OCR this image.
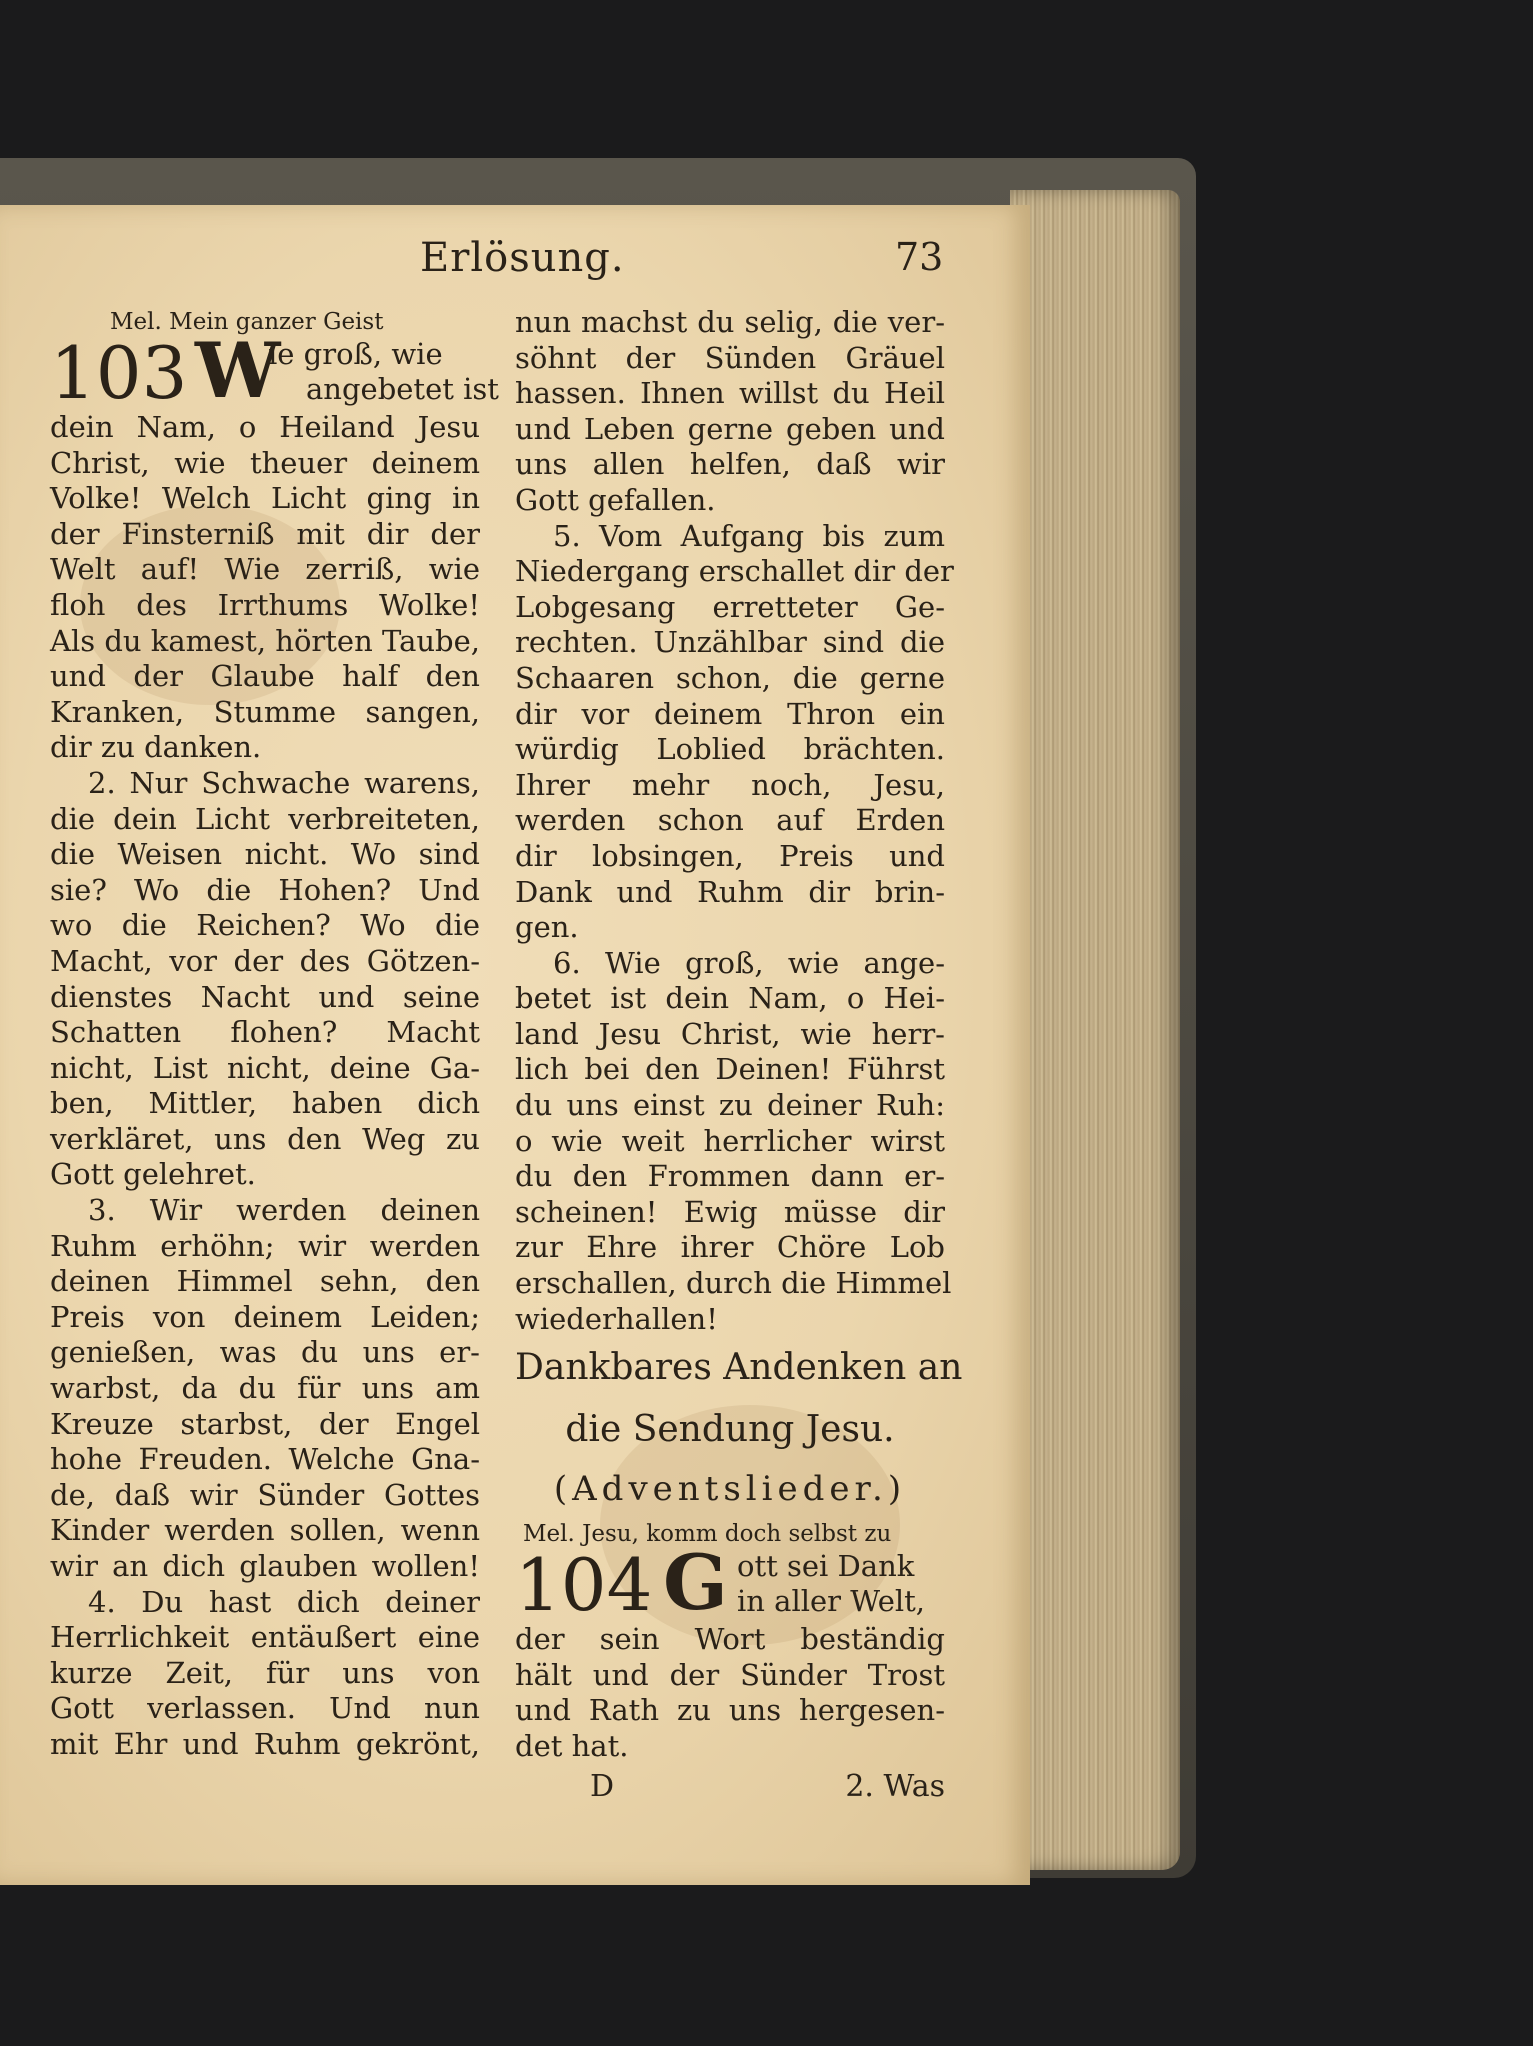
Erlösung.	73
Mel. Mein ganzer Geist
103 W
ie groß, wie
angebetet ist
dein Nam, o Heiland Jesu
Christ, wie theuer deinem
Volke! Welch Licht ging in
der Finsterniß mit dir der
Welt auf! Wie zerriß, wie
floh des Irrthums Wolke!
Als du kamest, hörten Taube,
und der Glaube half den
Kranken, Stumme sangen,
dir zu danken.
2. Nur Schwache warens,
die dein Licht verbreiteten,
die Weisen nicht. Wo sind
sie? Wo die Hohen? Und
wo die Reichen? Wo die
Macht, vor der des Götzen-
dienstes Nacht und seine
Schatten flohen? Macht
nicht, List nicht, deine Ga-
ben, Mittler, haben dich
verkläret, uns den Weg zu
Gott gelehret.
3. Wir werden deinen
Ruhm erhöhn; wir werden
deinen Himmel sehn, den
Preis von deinem Leiden;
genießen, was du uns er-
warbst, da du für uns am
Kreuze starbst, der Engel
hohe Freuden. Welche Gna-
de, daß wir Sünder Gottes
Kinder werden sollen, wenn
wir an dich glauben wollen!
4. Du hast dich deiner
Herrlichkeit entäußert eine
kurze Zeit, für uns von
Gott verlassen. Und nun
mit Ehr und Ruhm gekrönt,
nun machst du selig, die ver-
söhnt der Sünden Gräuel
hassen. Ihnen willst du Heil
und Leben gerne geben und
uns allen helfen, daß wir
Gott gefallen.
5. Vom Aufgang bis zum
Niedergang erschallet dir der
Lobgesang erretteter Ge-
rechten. Unzählbar sind die
Schaaren schon, die gerne
dir vor deinem Thron ein
würdig Loblied brächten.
Ihrer mehr noch, Jesu,
werden schon auf Erden
dir lobsingen, Preis und
Dank und Ruhm dir brin-
gen.
6. Wie groß, wie ange-
betet ist dein Nam, o Hei-
land Jesu Christ, wie herr-
lich bei den Deinen! Führst
du uns einst zu deiner Ruh:
o wie weit herrlicher wirst
du den Frommen dann er-
scheinen! Ewig müsse dir
zur Ehre ihrer Chöre Lob
erschallen, durch die Himmel
wiederhallen!
Dankbares Andenken an
die Sendung Jesu.
(Adventslieder.)
Mel. Jesu, komm doch selbst zu
104 G ott sei Dank
in aller Welt,
der sein Wort beständig
hält und der Sünder Trost
und Rath zu uns hergesen-
det hat.
D	2. Was
